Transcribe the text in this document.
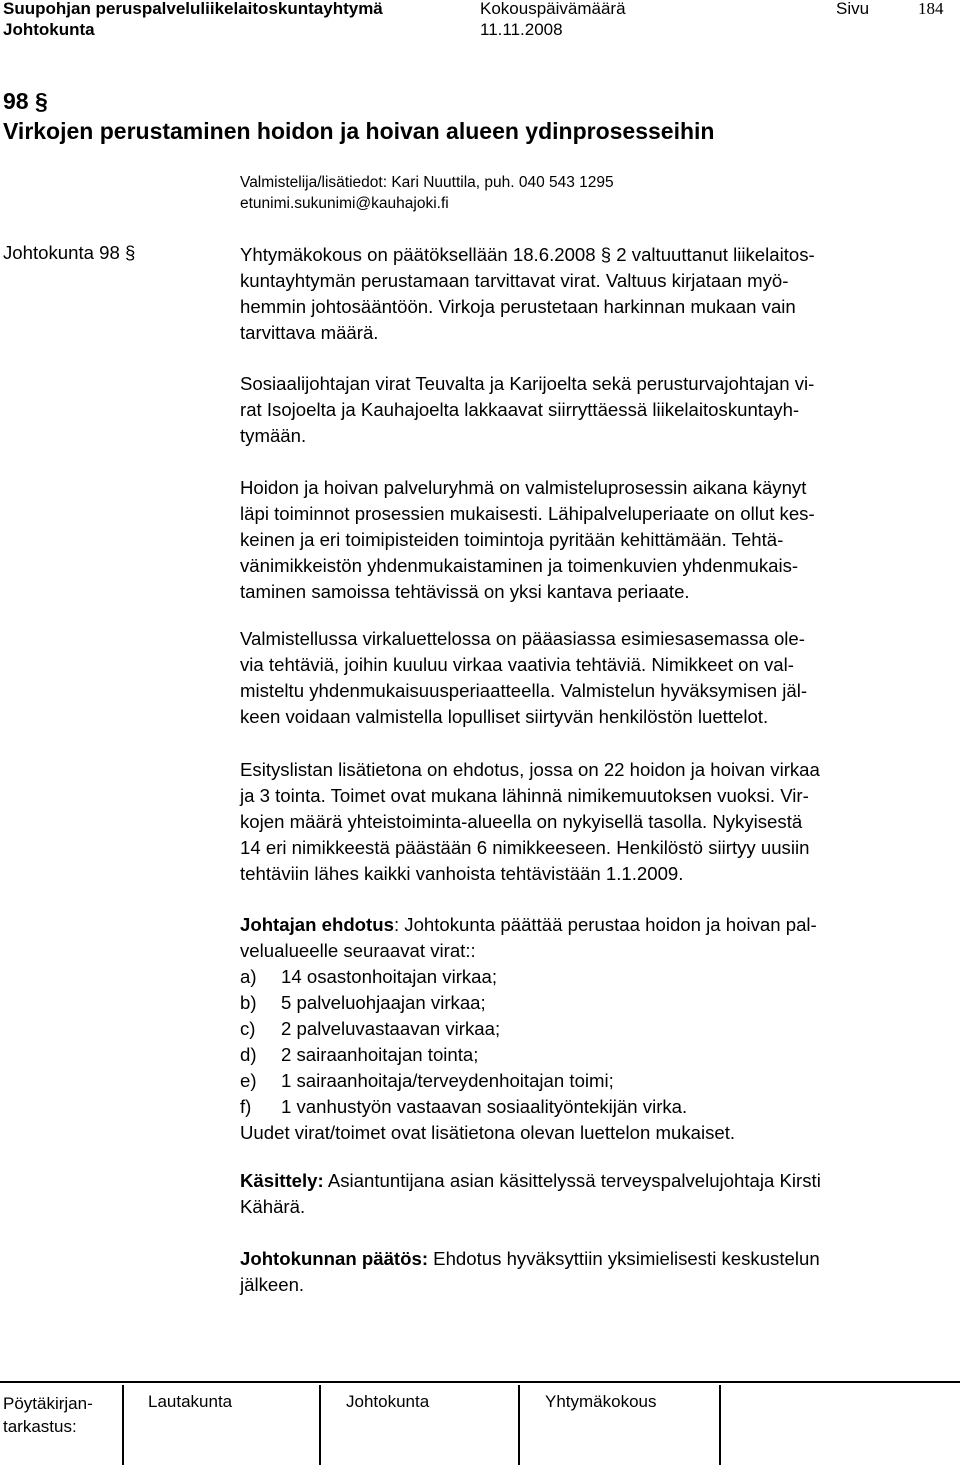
Suupohjan peruspalveluliikelaitoskuntayhtymä	Kokouspäivämäärä	Sivu	184
Johtokunta	11.11.2008
98 §
Virkojen perustaminen hoidon ja hoivan alueen ydinprosesseihin
Valmistelija/lisätiedot: Kari Nuuttila, puh. 040 543 1295
etunimi.sukunimi@kauhajoki.fi
Johtokunta 98 §	Yhtymäkokous on päätöksellään 18.6.2008 § 2 valtuuttanut liikelaitos-
kuntayhtymän perustamaan tarvittavat virat. Valtuus kirjataan myö-
hemmin johtosääntöön. Virkoja perustetaan harkinnan mukaan vain
tarvittava määrä.
Sosiaalijohtajan virat Teuvalta ja Karijoelta sekä perusturvajohtajan vi-
rat Isojoelta ja Kauhajoelta lakkaavat siirryttäessä liikelaitoskuntayh-
tymään.
Hoidon ja hoivan palveluryhmä on valmisteluprosessin aikana käynyt
läpi toiminnot prosessien mukaisesti. Lähipalveluperiaate on ollut kes-
keinen ja eri toimipisteiden toimintoja pyritään kehittämään. Tehtä-
vänimikkeistön yhdenmukaistaminen ja toimenkuvien yhdenmukais-
taminen samoissa tehtävissä on yksi kantava periaate.
Valmistellussa virkaluettelossa on pääasiassa esimiesasemassa ole-
via tehtäviä, joihin kuuluu virkaa vaativia tehtäviä. Nimikkeet on val-
misteltu yhdenmukaisuusperiaatteella. Valmistelun hyväksymisen jäl-
keen voidaan valmistella lopulliset siirtyvän henkilöstön luettelot.
Esityslistan lisätietona on ehdotus, jossa on 22 hoidon ja hoivan virkaa
ja 3 tointa. Toimet ovat mukana lähinnä nimikemuutoksen vuoksi. Vir-
kojen määrä yhteistoiminta-alueella on nykyisellä tasolla. Nykyisestä
14 eri nimikkeestä päästään 6 nimikkeeseen. Henkilöstö siirtyy uusiin
tehtäviin lähes kaikki vanhoista tehtävistään 1.1.2009.
Johtajan ehdotus: Johtokunta päättää perustaa hoidon ja hoivan pal-
velualueelle seuraavat virat::
a) 14 osastonhoitajan virkaa;
b) 5 palveluohjaajan virkaa;
c) 2 palveluvastaavan virkaa;
d) 2 sairaanhoitajan tointa;
e) 1 sairaanhoitaja/terveydenhoitajan toimi;
f) 1 vanhustyön vastaavan sosiaalityöntekijän virka.
Uudet virat/toimet ovat lisätietona olevan luettelon mukaiset.
Käsittely: Asiantuntijana asian käsittelyssä terveyspalvelujohtaja Kirsti
Kähärä.
Johtokunnan päätös: Ehdotus hyväksyttiin yksimielisesti keskustelun
jälkeen.
Pöytäkirjan-
tarkastus:
Lautakunta	Johtokunta	Yhtymäkokous
